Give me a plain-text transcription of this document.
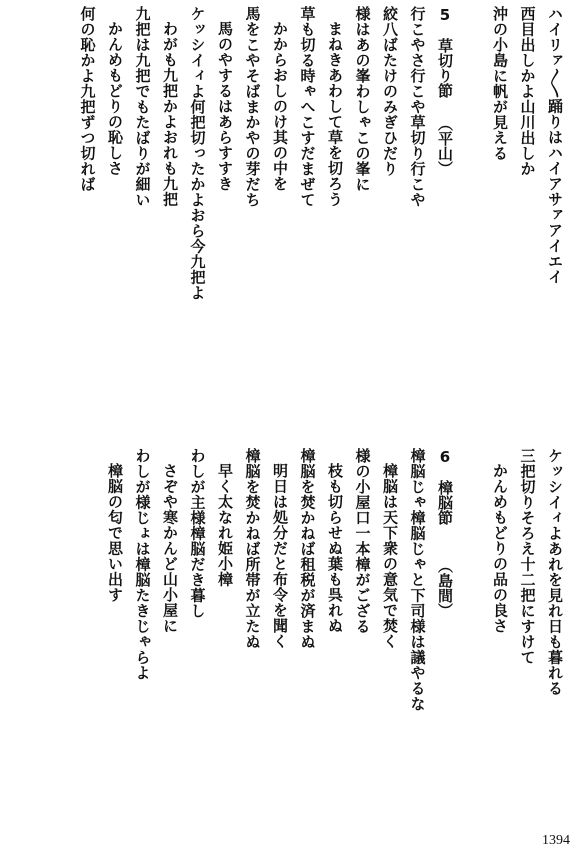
ハイリァ〱踊りはハイアサァアイエイ
西目出しかよ山川出しか
沖の小島に帆が見える
5草切り節
（平山）
行こやさ行こや草切り行こや
絞八ばたけのみぎひだり
様はあの峯わしゃこの峯に
まねきあわして草を切ろう
草も切る時ゃへこすだまぜて
かからおしのけ其の中を
馬をこやそばまかやの芽だち
馬のやするはあらすすき
ケッシイィよ何把切ったかよおら今九把よ
わがも九把かよおれも九把
九把は九把でもたばりが細い
かんめもどりの恥しさ
何の恥かよ九把ずつ切れば
ケッシイィよあれを見れ日も暮れる
三把切りそろえ十二把にすけて
かんめもどりの品の良さ
6樟脳節
（島間）
樟脳じゃ樟脳じゃと下司様は議やるな
樟脳は天下衆の意気で焚く
様の小屋口一本樟がござる
枝も切らせぬ葉も呉れぬ
樟脳を焚かねば租税が済まぬ
明日は処分だと布令を聞く
樟脳を焚かねば所帯が立たぬ
早く太なれ姫小樟
わしが主様樟脳だき暮し
さぞや寒かんど山小屋に
わしが様じょは樟脳たきじゃらよ
樟脳の匂で思い出す
1394
